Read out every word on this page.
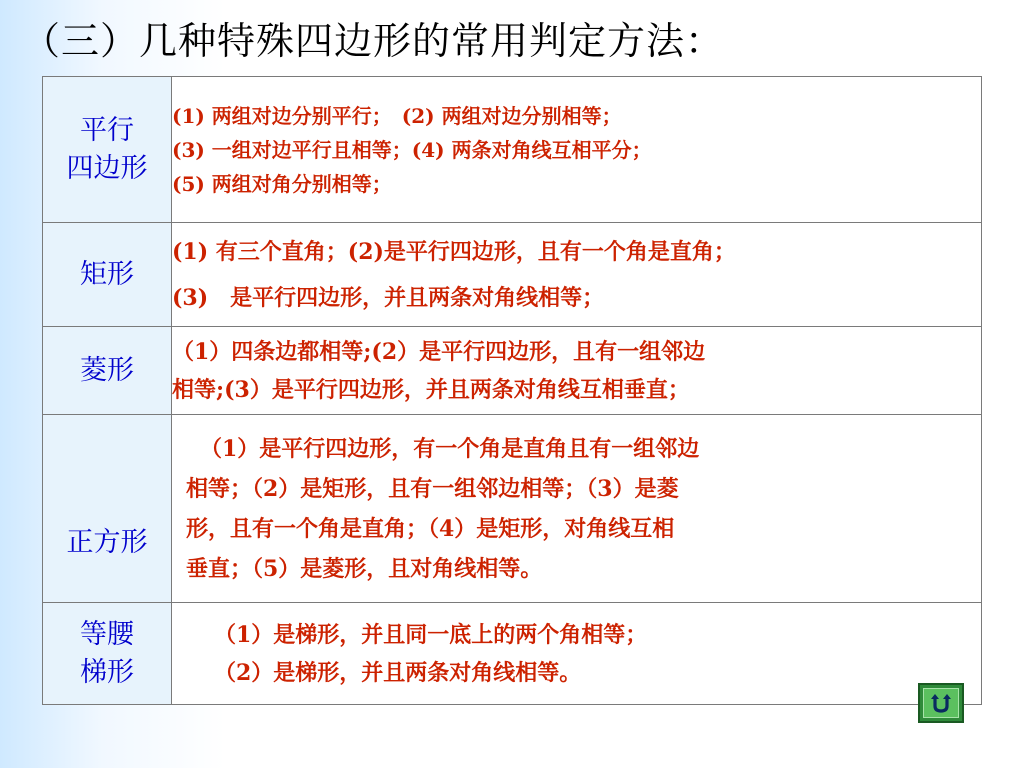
（三）几种特殊四边形的常用判定方法：
平行
四边形	(1) 两组对边分别平行；　(2) 两组对边分别相等；
(3) 一组对边平行且相等；(4) 两条对角线互相平分；
(5) 两组对角分别相等；

矩形	(1) 有三个直角；(2)是平行四边形，且有一个角是直角；
(3)　是平行四边形，并且两条对角线相等；

菱形	（1）四条边都相等;(2）是平行四边形，且有一组邻边
相等;(3）是平行四边形，并且两条对角线互相垂直；

正方形	（1）是平行四边形，有一个角是直角且有一组邻边
相等；（2）是矩形，且有一组邻边相等；（3）是菱
形，且有一个角是直角；（4）是矩形，对角线互相
垂直；（5）是菱形，且对角线相等。

等腰
梯形	（1）是梯形，并且同一底上的两个角相等；
（2）是梯形，并且两条对角线相等。
